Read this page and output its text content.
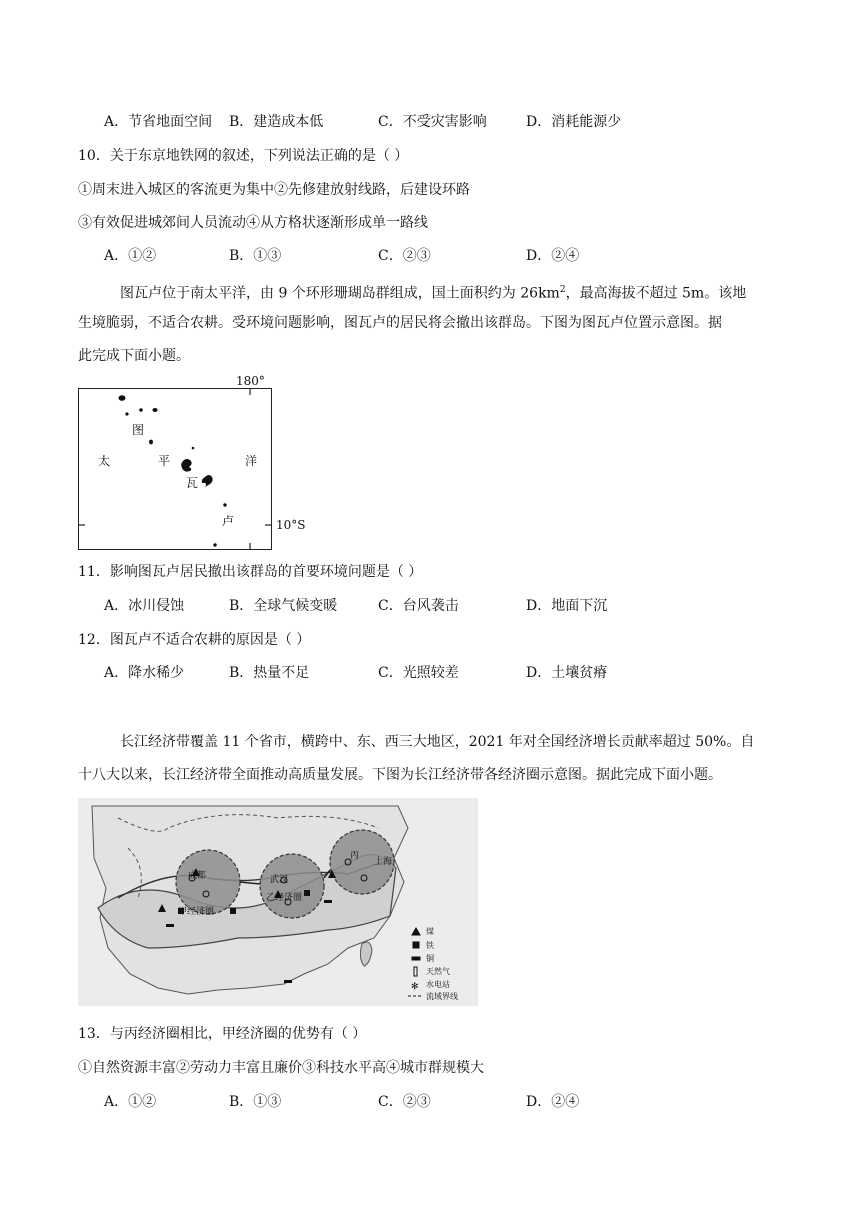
A．节省地面空间 B．建造成本低	C．不受灾害影响	D．消耗能源少
10．关于东京地铁网的叙述，下列说法正确的是（ ）
①周末进入城区的客流更为集中②先修建放射线路，后建设环路
③有效促进城郊间人员流动④从方格状逐渐形成单一路线
A．①②	B．①③	C．②③	D．②④
图瓦卢位于南太平洋，由 9 个环形珊瑚岛群组成，国土面积约为 $26km^2$，最高海拔不超过 5m。该地
生境脆弱，不适合农耕。受环境问题影响，图瓦卢的居民将会撤出该群岛。下图为图瓦卢位置示意图。据
此完成下面小题。
180°
图
太	平	洋
瓦
卢	10°S
11．影响图瓦卢居民撤出该群岛的首要环境问题是（ ）
A．冰川侵蚀	B．全球气候变暖	C．台风袭击	D．地面下沉
12．图瓦卢不适合农耕的原因是（ ）
A．降水稀少	B．热量不足	C．光照较差	D．土壤贫瘠
长江经济带覆盖 11 个省市，横跨中、东、西三大地区，2021 年对全国经济增长贡献率超过 50%。自
十八大以来，长江经济带全面推动高质量发展。下图为长江经济带各经济圈示意图。据此完成下面小题。
✻
成都
甲经济圈
武汉
乙经济圈
上海
丙
煤
铁
铜
天然气
水电站
流域界线
13．与丙经济圈相比，甲经济圈的优势有（ ）
①自然资源丰富②劳动力丰富且廉价③科技水平高④城市群规模大
A．①②	B．①③	C．②③	D．②④
